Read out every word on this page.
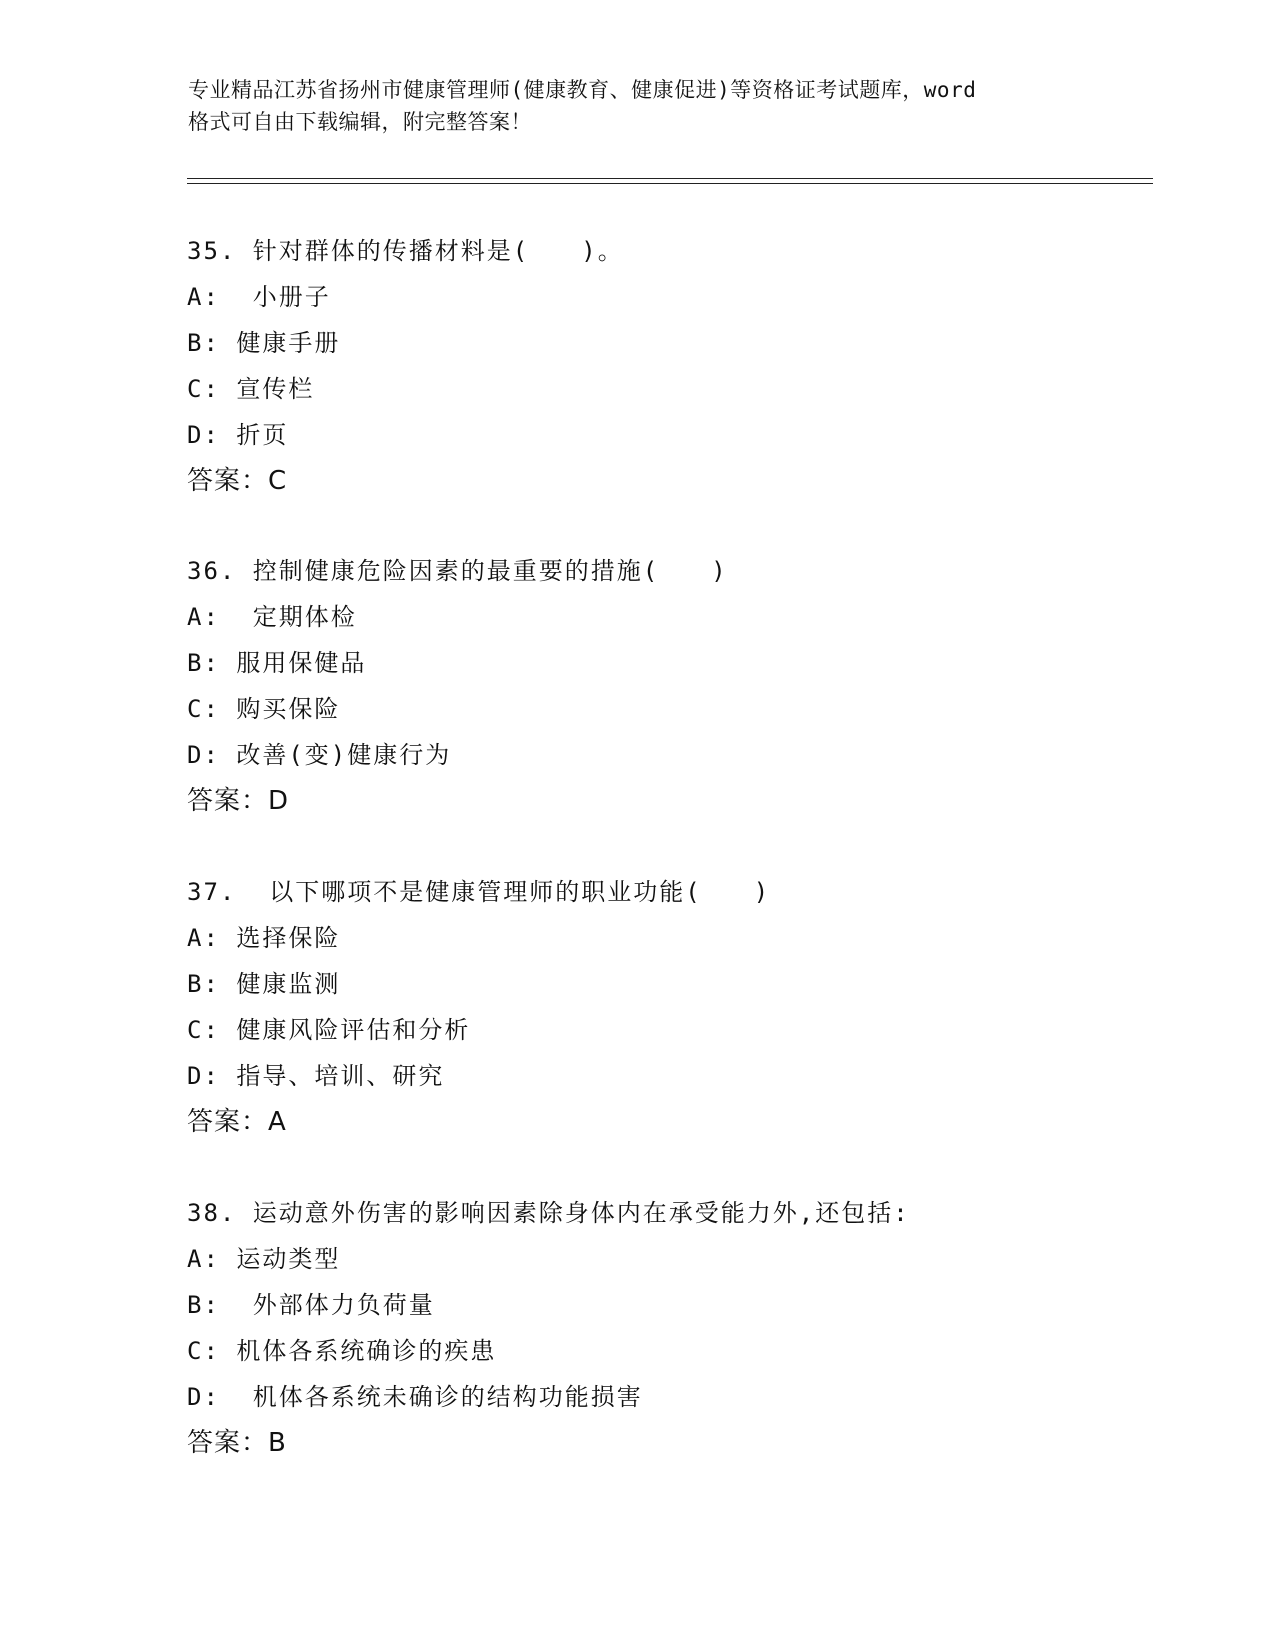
专业精品江苏省扬州市健康管理师(健康教育、健康促进)等资格证考试题库，word
格式可自由下载编辑，附完整答案！
35. 针对群体的传播材料是(　　)。
A:  小册子
B: 健康手册
C: 宣传栏
D: 折页
答案：C
36. 控制健康危险因素的最重要的措施(　　)
A:  定期体检
B: 服用保健品
C: 购买保险
D: 改善(变)健康行为
答案：D
37.  以下哪项不是健康管理师的职业功能(　　)
A: 选择保险
B: 健康监测
C: 健康风险评估和分析
D: 指导、培训、研究
答案：A
38. 运动意外伤害的影响因素除身体内在承受能力外,还包括:
A: 运动类型
B:  外部体力负荷量
C: 机体各系统确诊的疾患
D:  机体各系统未确诊的结构功能损害
答案：B
